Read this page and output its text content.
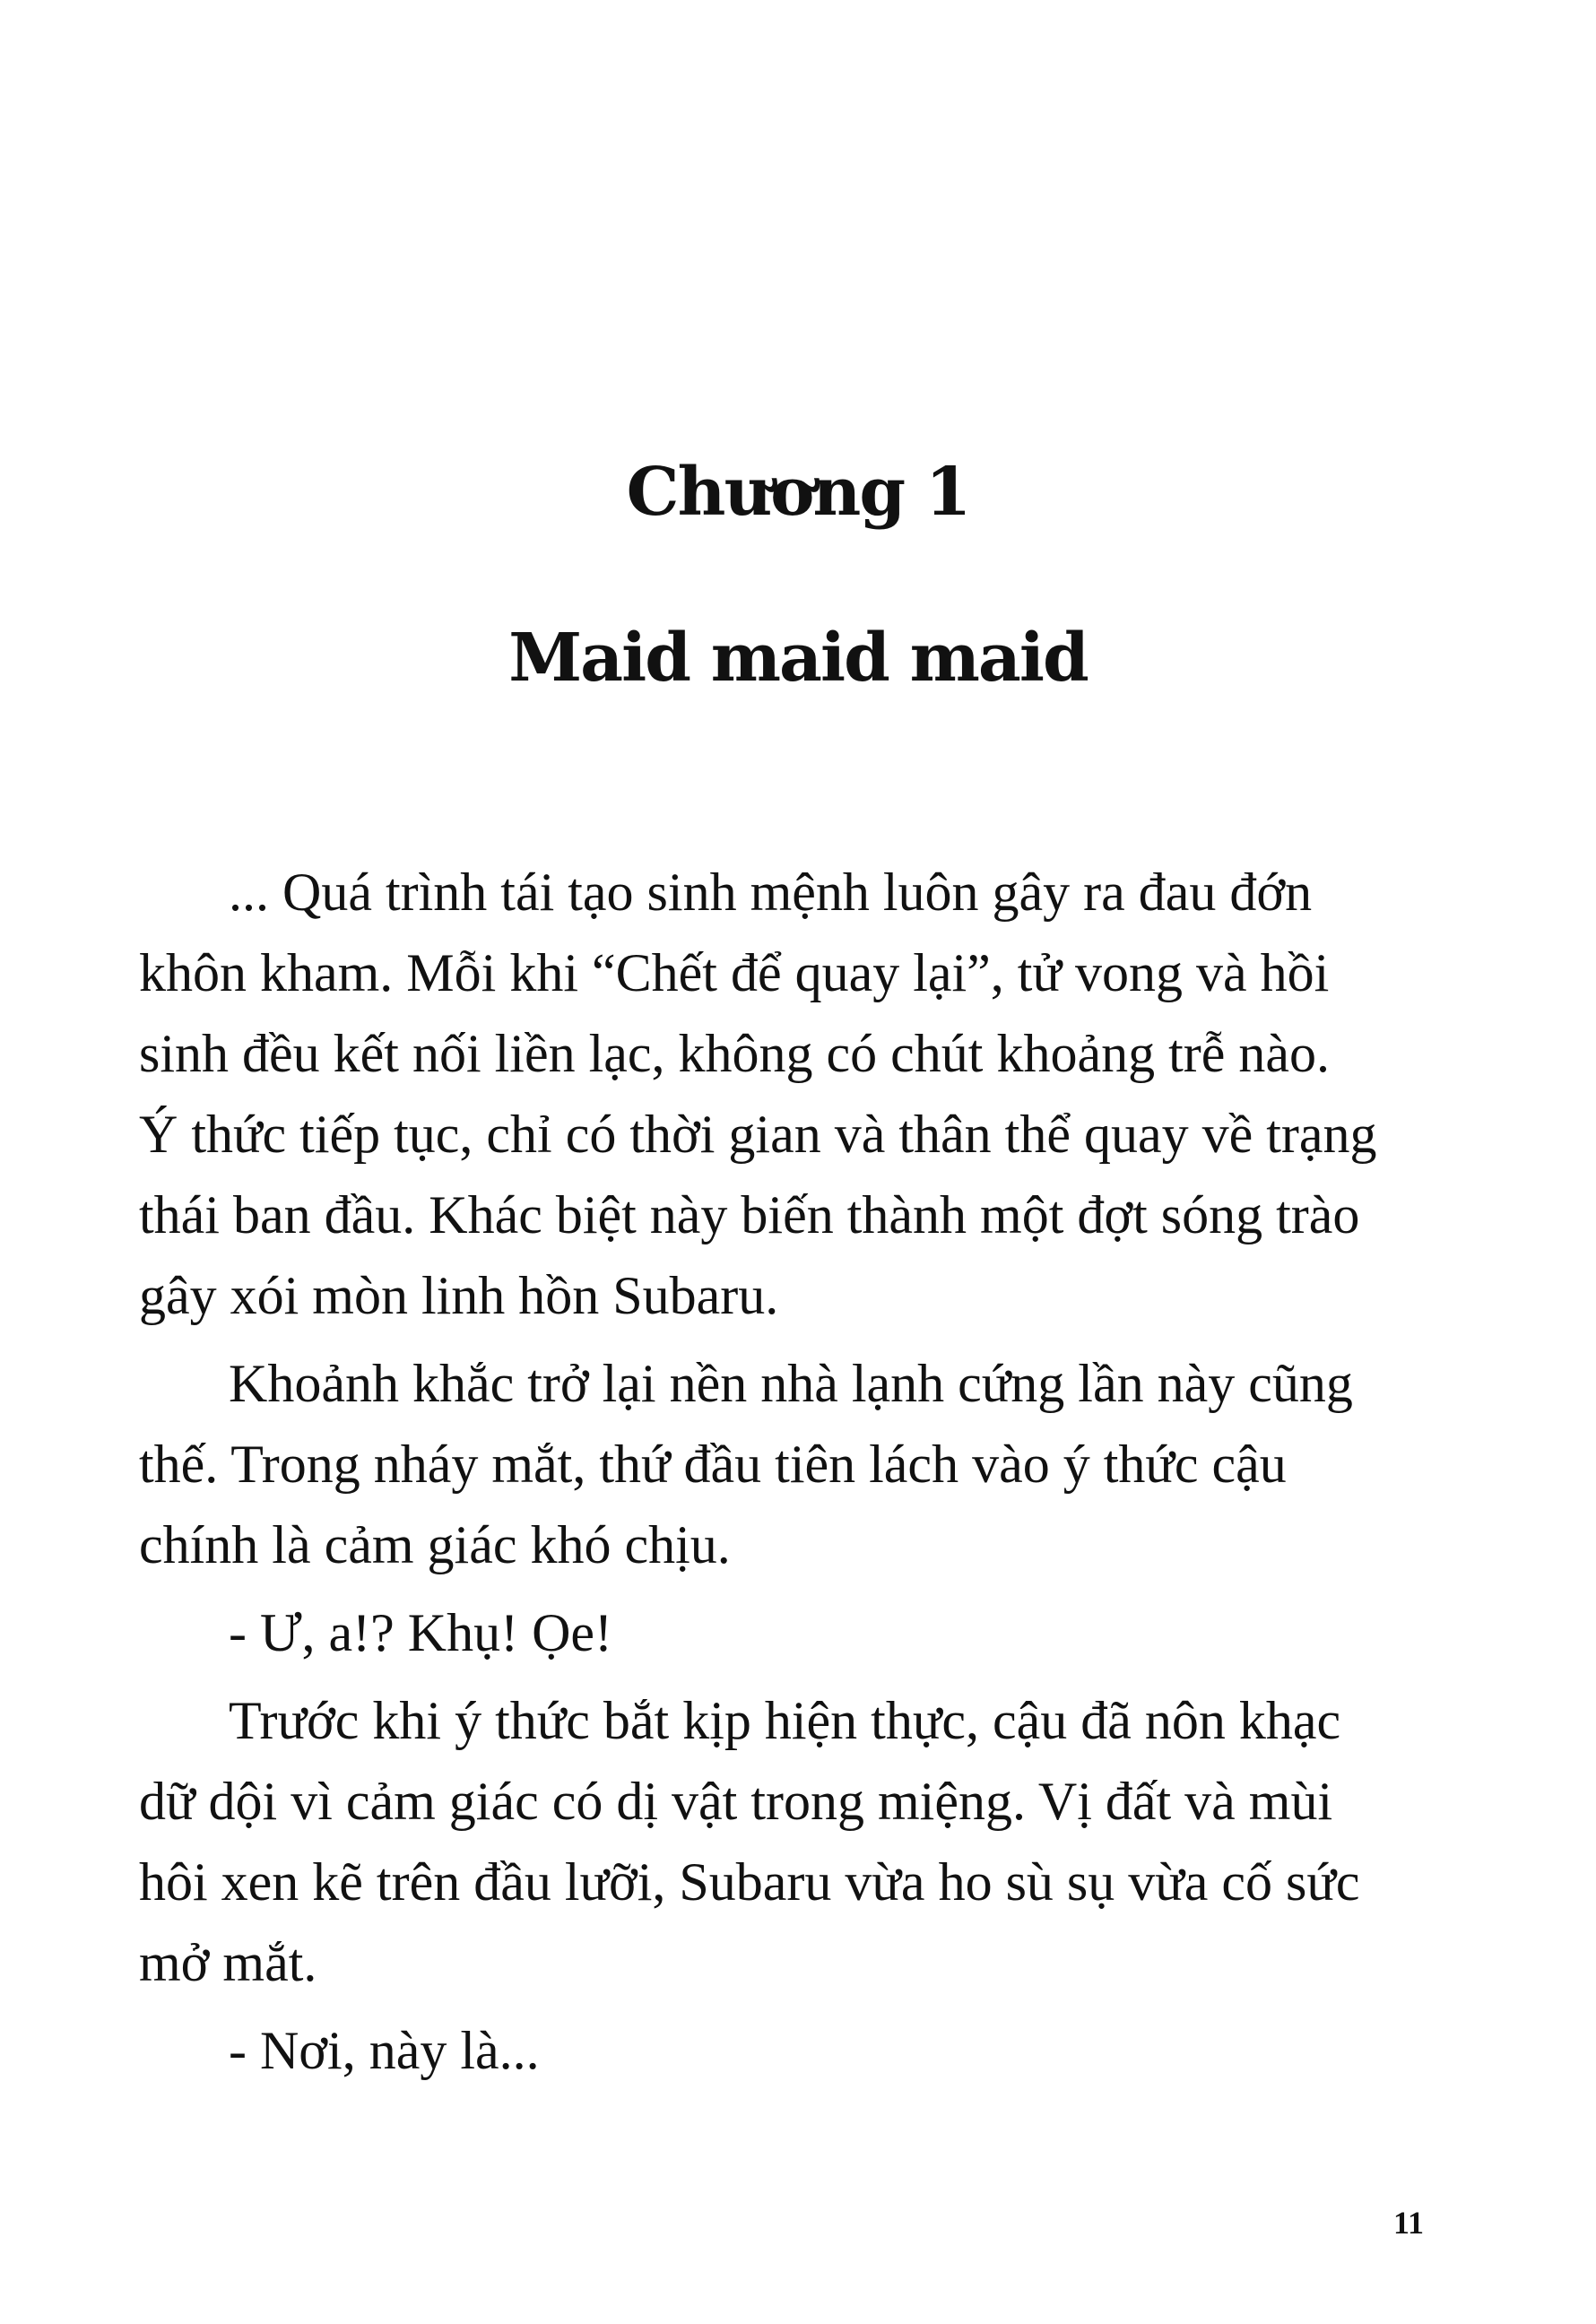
Chương 1
Maid maid maid
... Quá trình tái tạo sinh mệnh luôn gây ra đau đớn
khôn kham. Mỗi khi “Chết để quay lại”, tử vong và hồi
sinh đều kết nối liền lạc, không có chút khoảng trễ nào.
Ý thức tiếp tục, chỉ có thời gian và thân thể quay về trạng
thái ban đầu. Khác biệt này biến thành một đợt sóng trào
gây xói mòn linh hồn Subaru.
Khoảnh khắc trở lại nền nhà lạnh cứng lần này cũng
thế. Trong nháy mắt, thứ đầu tiên lách vào ý thức cậu
chính là cảm giác khó chịu.
- Ư, a!? Khụ! Ọe!
Trước khi ý thức bắt kịp hiện thực, cậu đã nôn khạc
dữ dội vì cảm giác có dị vật trong miệng. Vị đất và mùi
hôi xen kẽ trên đầu lưỡi, Subaru vừa ho sù sụ vừa cố sức
mở mắt.
- Nơi, này là...
11
